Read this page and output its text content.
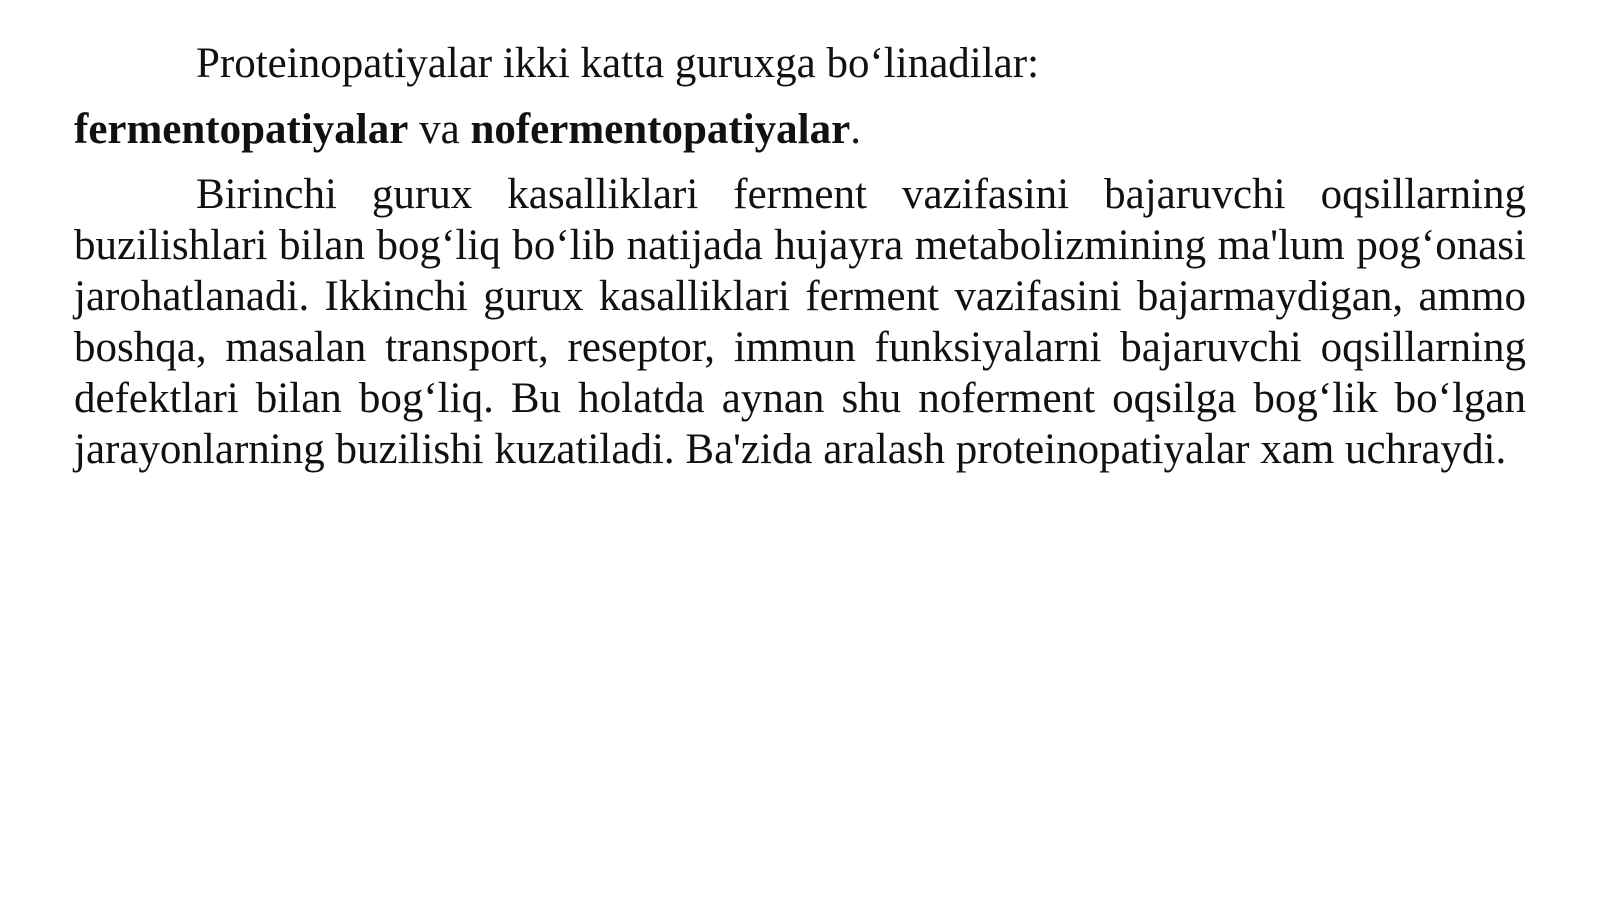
Proteinopatiyalar ikki katta guruxga bo‘linadilar:

fermentopatiyalar va nofermentopatiyalar.

Birinchi gurux kasalliklari ferment vazifasini bajaruvchi oqsillarning buzilishlari bilan bog‘liq bo‘lib natijada hujayra metabolizmining ma'lum pog‘onasi jarohatlanadi. Ikkinchi gurux kasalliklari ferment vazifasini bajarmaydigan, ammo boshqa, masalan transport, reseptor, immun funksiyalarni bajaruvchi oqsillarning defektlari bilan bog‘liq. Bu holatda aynan shu noferment oqsilga bog‘lik bo‘lgan jarayonlarning buzilishi kuzatiladi. Ba'zida aralash proteinopatiyalar xam uchraydi.
